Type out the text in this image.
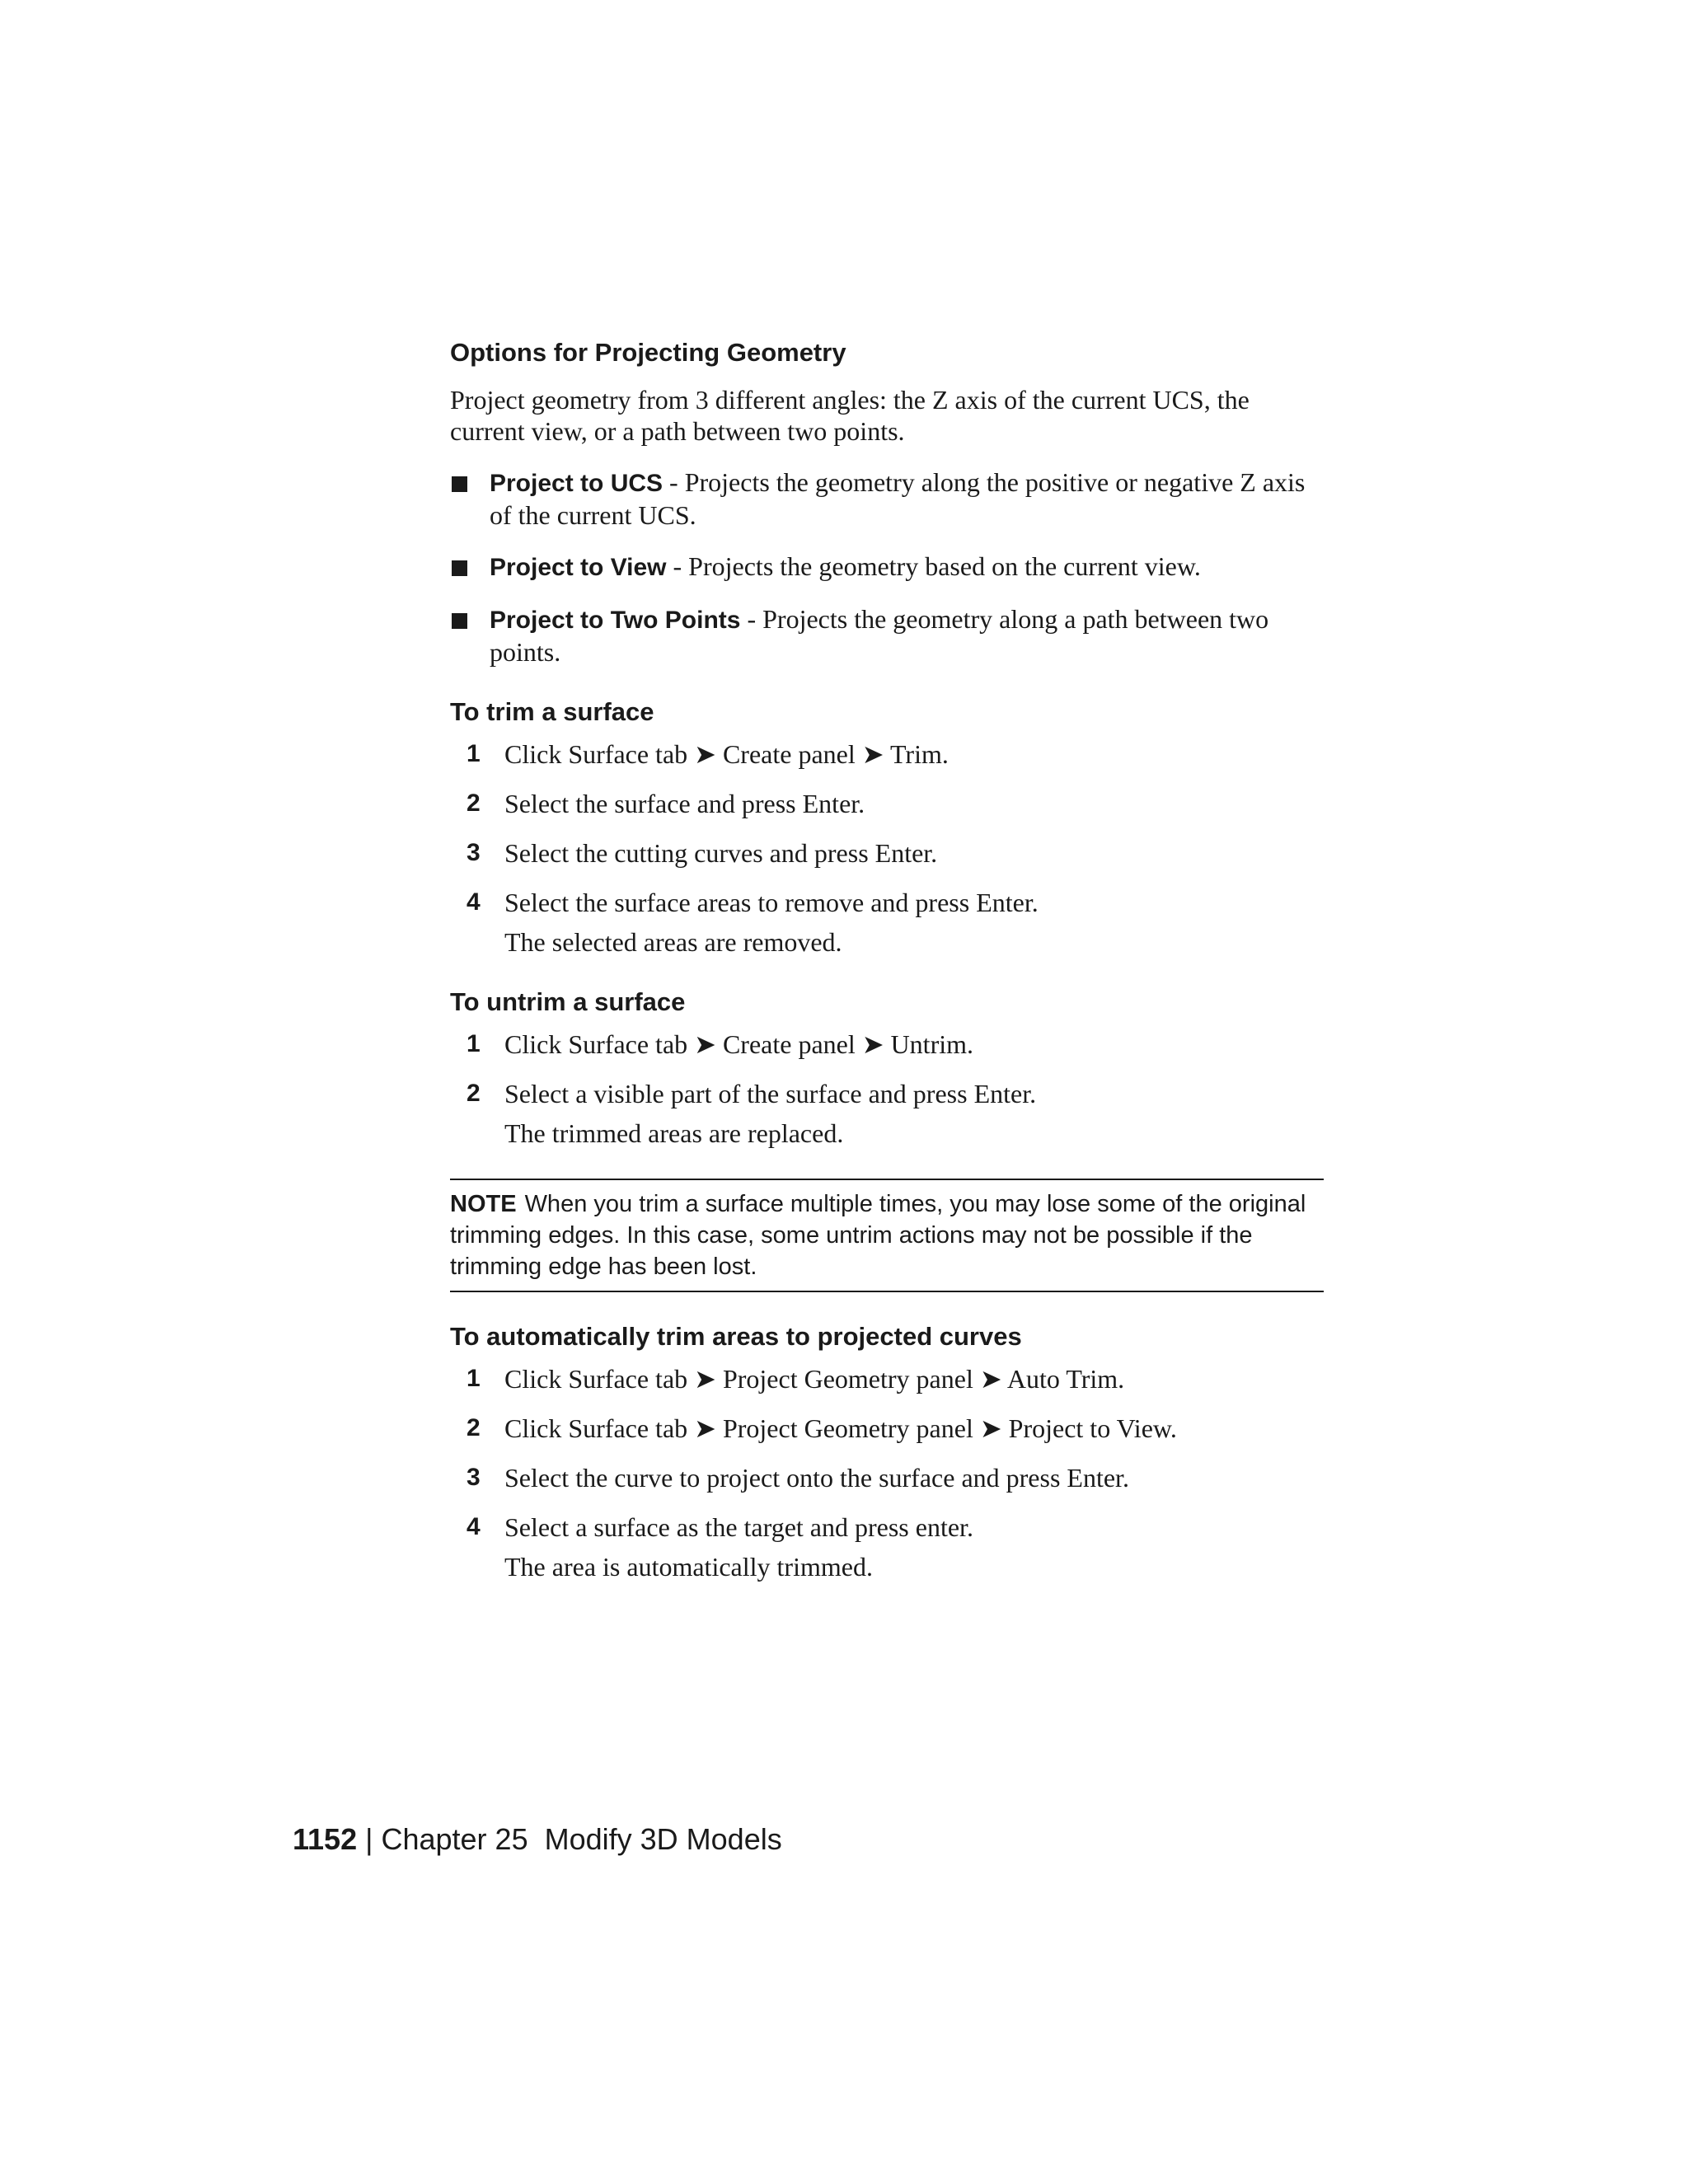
Options for Projecting Geometry

Project geometry from 3 different angles: the Z axis of the current UCS, the current view, or a path between two points.

Project to UCS - Projects the geometry along the positive or negative Z axis of the current UCS.
Project to View - Projects the geometry based on the current view.
Project to Two Points - Projects the geometry along a path between two points.
To trim a surface
1 Click Surface tab ➤ Create panel ➤ Trim.
2 Select the surface and press Enter.
3 Select the cutting curves and press Enter.
4 Select the surface areas to remove and press Enter.
The selected areas are removed.
To untrim a surface
1 Click Surface tab ➤ Create panel ➤ Untrim.
2 Select a visible part of the surface and press Enter.
The trimmed areas are replaced.
NOTE When you trim a surface multiple times, you may lose some of the original trimming edges. In this case, some untrim actions may not be possible if the trimming edge has been lost.
To automatically trim areas to projected curves
1 Click Surface tab ➤ Project Geometry panel ➤ Auto Trim.
2 Click Surface tab ➤ Project Geometry panel ➤ Project to View.
3 Select the curve to project onto the surface and press Enter.
4 Select a surface as the target and press enter.
The area is automatically trimmed.
1152 | Chapter 25 Modify 3D Models
